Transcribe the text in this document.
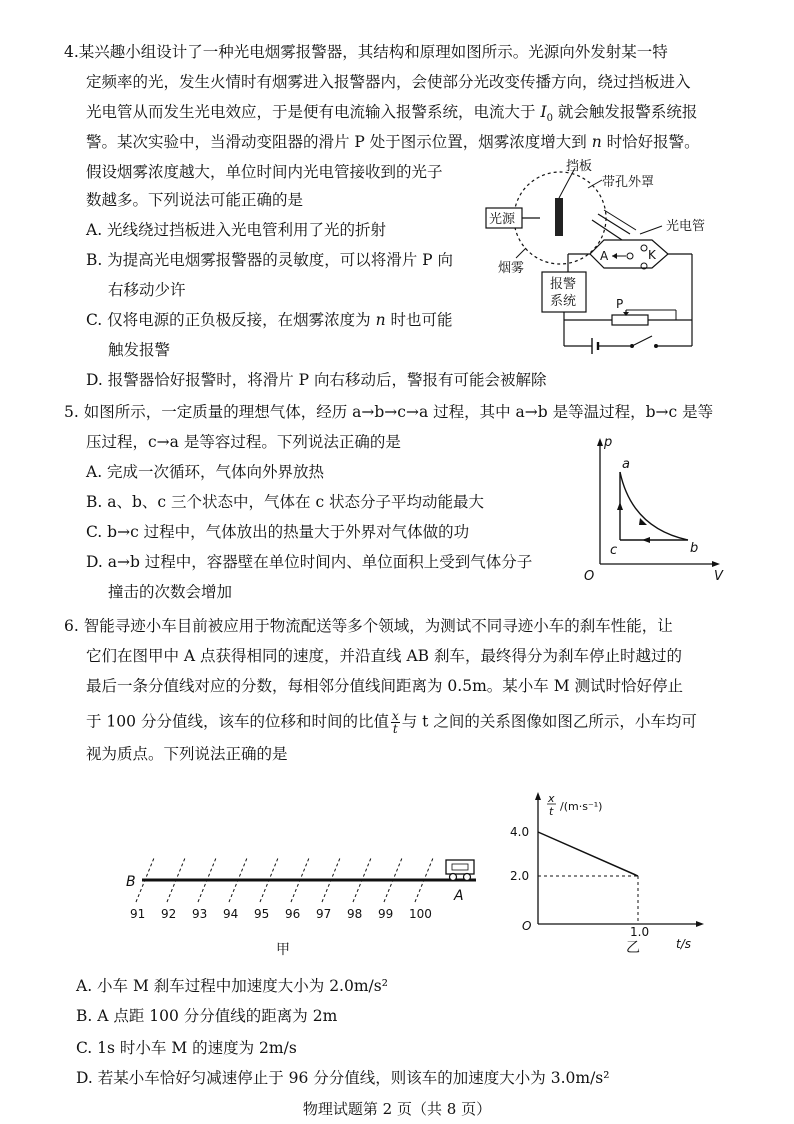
4.某兴趣小组设计了一种光电烟雾报警器，其结构和原理如图所示。光源向外发射某一特
定频率的光，发生火情时有烟雾进入报警器内，会使部分光改变传播方向，绕过挡板进入
光电管从而发生光电效应，于是便有电流输入报警系统，电流大于 $I_0$ 就会触发报警系统报
警。某次实验中，当滑动变阻器的滑片 P 处于图示位置，烟雾浓度增大到 n 时恰好报警。
假设烟雾浓度越大，单位时间内光电管接收到的光子
数越多。下列说法可能正确的是
A. 光线绕过挡板进入光电管利用了光的折射
B. 为提高光电烟雾报警器的灵敏度，可以将滑片 P 向
右移动少许
C. 仅将电源的正负极反接，在烟雾浓度为 n 时也可能
触发报警
D. 报警器恰好报警时，将滑片 P 向右移动后，警报有可能会被解除
挡板
带孔外罩
光源
烟雾
光电管
A	K
报警
系统	P
5. 如图所示，一定质量的理想气体，经历 a→b→c→a 过程，其中 a→b 是等温过程，b→c 是等
压过程，c→a 是等容过程。下列说法正确的是
A. 完成一次循环，气体向外界放热
B. a、b、c 三个状态中，气体在 c 状态分子平均动能最大
C. b→c 过程中，气体放出的热量大于外界对气体做的功
D. a→b 过程中，容器壁在单位时间内、单位面积上受到气体分子
撞击的次数会增加
p
V
O
a
b
c
6. 智能寻迹小车目前被应用于物流配送等多个领域，为测试不同寻迹小车的刹车性能，让
它们在图甲中 A 点获得相同的速度，并沿直线 AB 刹车，最终得分为刹车停止时越过的
最后一条分值线对应的分数，每相邻分值线间距离为 0.5m。某小车 M 测试时恰好停止
于 100 分分值线，该车的位移和时间的比值 $\frac{x}{t}$ 与 t 之间的关系图像如图乙所示，小车均可
视为质点。下列说法正确的是
B
A
91 92 93 94 95 96 97 98 99 100
甲
x
t /(m·s⁻¹)
4.0
2.0
O	1.0
t/s
乙
A. 小车 M 刹车过程中加速度大小为 2.0m/s²
B. A 点距 100 分分值线的距离为 2m
C. 1s 时小车 M 的速度为 2m/s
D. 若某小车恰好匀减速停止于 96 分分值线，则该车的加速度大小为 3.0m/s²
物理试题第 2 页（共 8 页）
